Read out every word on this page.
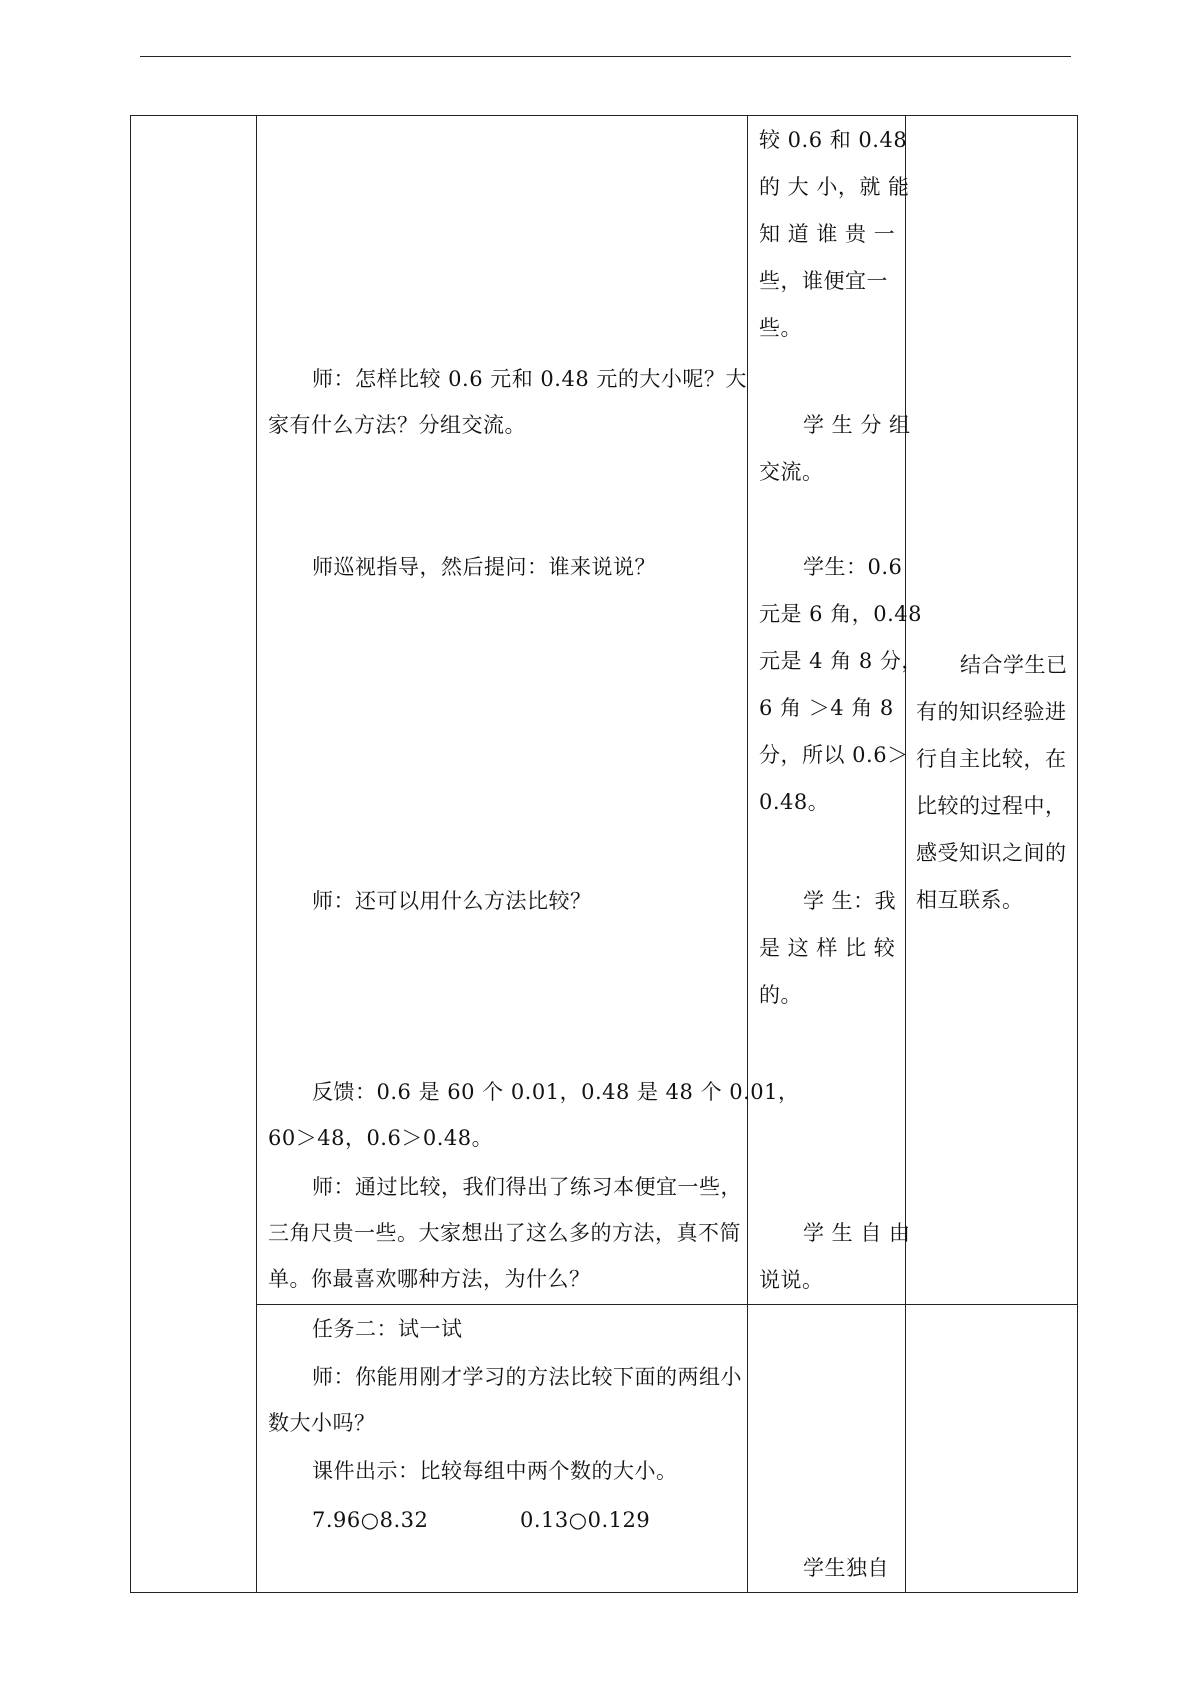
师：怎样比较 0.6 元和 0.48 元的大小呢？大
家有什么方法？分组交流。
师巡视指导，然后提问：谁来说说？
师：还可以用什么方法比较？
反馈：0.6 是 60 个 0.01，0.48 是 48 个 0.01，
60＞48，0.6＞0.48。
师：通过比较，我们得出了练习本便宜一些，
三角尺贵一些。大家想出了这么多的方法，真不简
单。你最喜欢哪种方法，为什么？
任务二：试一试
师：你能用刚才学习的方法比较下面的两组小
数大小吗？
课件出示：比较每组中两个数的大小。
7.96○8.32	0.13○0.129
较 0.6 和 0.48
的 大 小，就 能
知 道 谁 贵 一
些，谁便宜一
些。
学 生 分 组
交流。
学生：0.6
元是 6 角，0.48
元是 4 角 8 分，
6 角 ＞4 角 8
分，所以 0.6＞
0.48。
学 生：我
是 这 样 比 较
的。
学 生 自 由
说说。
学生独自
结合学生已
有的知识经验进
行自主比较，在
比较的过程中，
感受知识之间的
相互联系。
